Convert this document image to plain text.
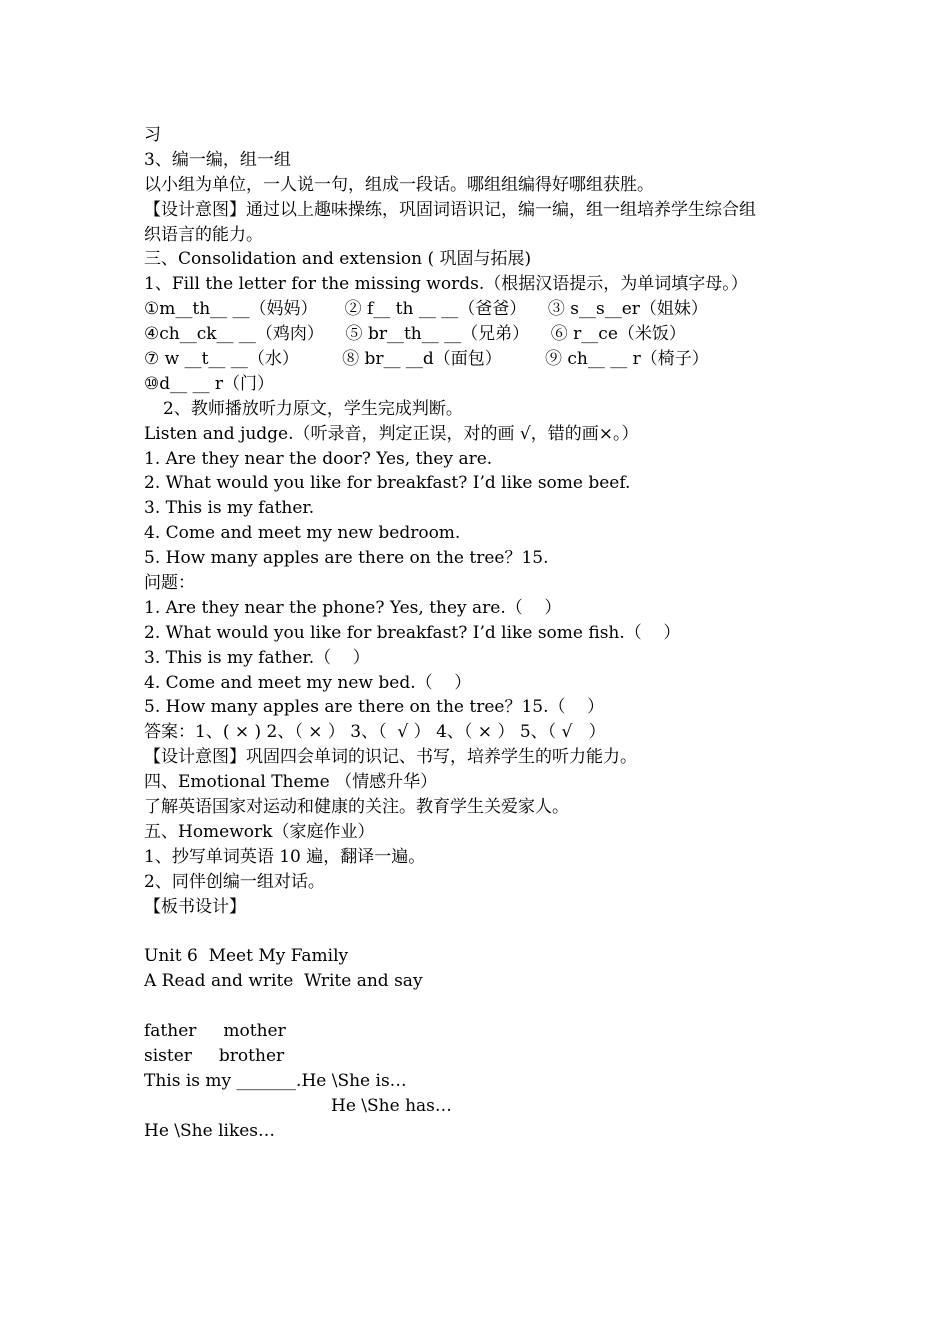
习
3、编一编，组一组
以小组为单位，一人说一句，组成一段话。哪组组编得好哪组获胜。
【设计意图】通过以上趣味操练，巩固词语识记，编一编，组一组培养学生综合组
织语言的能力。
三、Consolidation and extension ( 巩固与拓展)
1、Fill the letter for the missing words.（根据汉语提示，为单词填字母。）
①m__th__ __（妈妈）     ② f__ th __ __（爸爸）    ③ s__s__er（姐妹）
④ch__ck__ __（鸡肉）    ⑤ br__th__ __（兄弟）    ⑥ r__ce（米饭）
⑦ w __t__ __（水）        ⑧ br__ __d（面包）        ⑨ ch__ __ r（椅子）
⑩d__ __ r（门）
2、教师播放听力原文，学生完成判断。
Listen and judge.（听录音，判定正误，对的画 √，错的画×。）
1. Are they near the door? Yes, they are.
2. What would you like for breakfast? I’d like some beef.
3. This is my father.
4. Come and meet my new bedroom.
5. How many apples are there on the tree？15.
问题：
1. Are they near the phone? Yes, they are.（    ）
2. What would you like for breakfast? I’d like some fish.（    ）
3. This is my father.（    ）
4. Come and meet my new bed.（    ）
5. How many apples are there on the tree？15.（    ）
答案：1、( × ) 2、（ × ） 3、（  √ ） 4、（ × ） 5、（ √   ）
【设计意图】巩固四会单词的识记、书写，培养学生的听力能力。
四、Emotional Theme （情感升华）
了解英语国家对运动和健康的关注。教育学生关爱家人。
五、Homework（家庭作业）
1、抄写单词英语 10 遍，翻译一遍。
2、同伴创编一组对话。
【板书设计】
Unit 6  Meet My Family
A Read and write  Write and say
father     mother
sister     brother
This is my _______.He \She is…
He \She has…
He \She likes…
